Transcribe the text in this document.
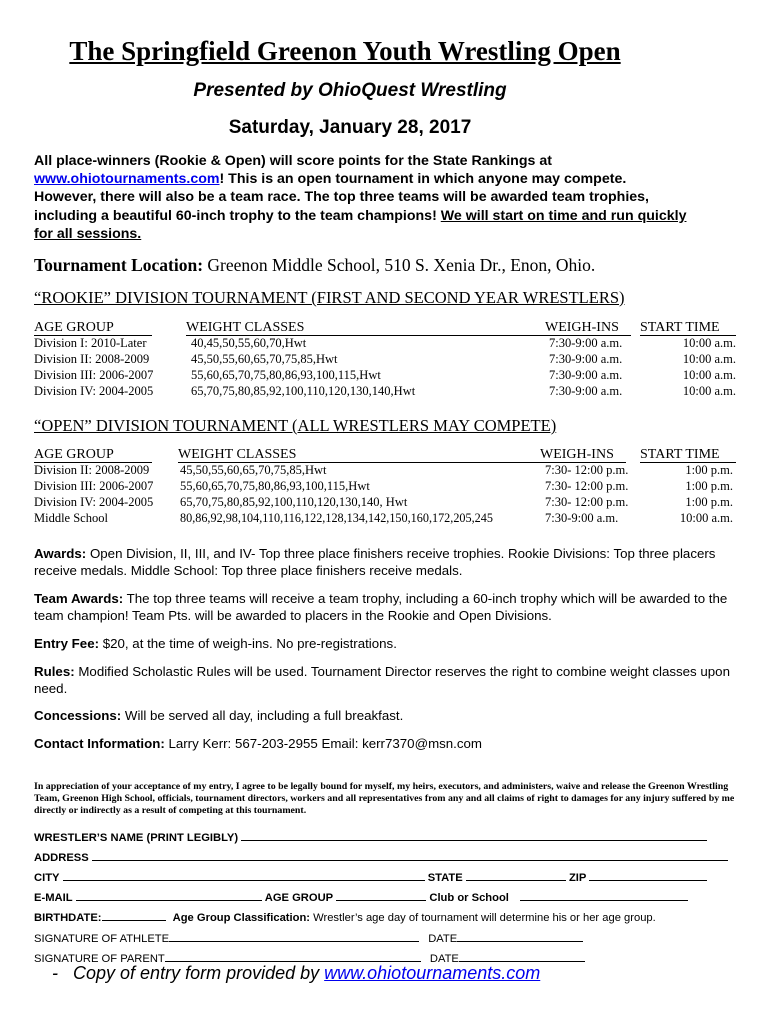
The Springfield Greenon Youth Wrestling Open
Presented by OhioQuest Wrestling
Saturday, January 28, 2017
All place-winners (Rookie & Open) will score points for the State Rankings at
www.ohiotournaments.com! This is an open tournament in which anyone may compete.
However, there will also be a team race. The top three teams will be awarded team trophies,
including a beautiful 60-inch trophy to the team champions! We will start on time and run quickly
for all sessions.
Tournament Location: Greenon Middle School, 510 S. Xenia Dr., Enon, Ohio.
“ROOKIE” DIVISION TOURNAMENT (FIRST AND SECOND YEAR WRESTLERS)
AGE GROUP	WEIGHT CLASSES	WEIGH-INS START TIME
Division I: 2010-Later	40,45,50,55,60,70,Hwt	7:30-9:00 a.m.	10:00 a.m.
Division II: 2008-2009	45,50,55,60,65,70,75,85,Hwt	7:30-9:00 a.m.	10:00 a.m.
Division III: 2006-2007	55,60,65,70,75,80,86,93,100,115,Hwt	7:30-9:00 a.m.	10:00 a.m.
Division IV: 2004-2005	65,70,75,80,85,92,100,110,120,130,140,Hwt	7:30-9:00 a.m.	10:00 a.m.
“OPEN” DIVISION TOURNAMENT (ALL WRESTLERS MAY COMPETE)
AGE GROUP	WEIGHT CLASSES	WEIGH-INS START TIME
Division II: 2008-2009 45,50,55,60,65,70,75,85,Hwt	7:30- 12:00 p.m.	1:00 p.m.
Division III: 2006-2007 55,60,65,70,75,80,86,93,100,115,Hwt	7:30- 12:00 p.m.	1:00 p.m.
Division IV: 2004-2005 65,70,75,80,85,92,100,110,120,130,140, Hwt	7:30- 12:00 p.m.	1:00 p.m.
Middle School	80,86,92,98,104,110,116,122,128,134,142,150,160,172,205,245	7:30-9:00 a.m.	10:00 a.m.
Awards: Open Division, II, III, and IV- Top three place finishers receive trophies. Rookie Divisions: Top three placers receive medals. Middle School: Top three place finishers receive medals.
Team Awards: The top three teams will receive a team trophy, including a 60-inch trophy which will be awarded to the team champion! Team Pts. will be awarded to placers in the Rookie and Open Divisions.
Entry Fee: $20, at the time of weigh-ins. No pre-registrations.
Rules: Modified Scholastic Rules will be used. Tournament Director reserves the right to combine weight classes upon need.
Concessions: Will be served all day, including a full breakfast.
Contact Information: Larry Kerr: 567-203-2955 Email: kerr7370@msn.com
In appreciation of your acceptance of my entry, I agree to be legally bound for myself, my heirs, executors, and administers, waive and release the Greenon Wrestling Team, Greenon High School, officials, tournament directors, workers and all representatives from any and all claims of right to damages for any injury suffered by me directly or indirectly as a result of competing at this tournament.
WRESTLER’S NAME (PRINT LEGIBLY)
ADDRESS
CITY	STATE	ZIP
E-MAIL	AGE GROUP	Club or School
BIRTHDATE:	Age Group Classification: Wrestler’s age day of tournament will determine his or her age group.
SIGNATURE OF ATHLETE	DATE
SIGNATURE OF PARENT	DATE
- Copy of entry form provided by www.ohiotournaments.com
